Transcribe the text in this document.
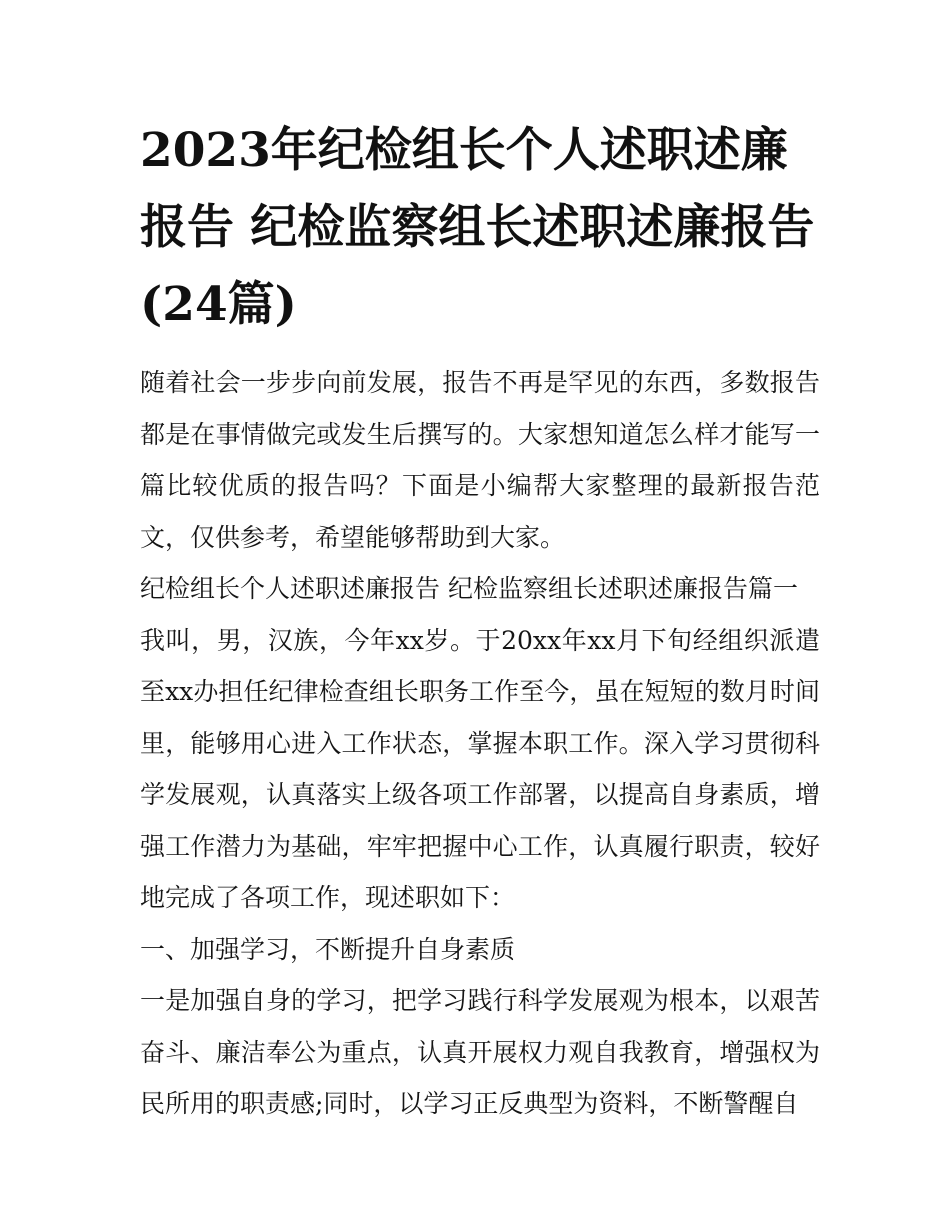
2023年纪检组长个人述职述廉报告 纪检监察组长述职述廉报告(24篇)

随着社会一步步向前发展，报告不再是罕见的东西，多数报告都是在事情做完或发生后撰写的。大家想知道怎么样才能写一篇比较优质的报告吗？下面是小编帮大家整理的最新报告范文，仅供参考，希望能够帮助到大家。

纪检组长个人述职述廉报告 纪检监察组长述职述廉报告篇一

我叫，男，汉族，今年xx岁。于20xx年xx月下旬经组织派遣至xx办担任纪律检查组长职务工作至今，虽在短短的数月时间里，能够用心进入工作状态，掌握本职工作。深入学习贯彻科学发展观，认真落实上级各项工作部署，以提高自身素质，增强工作潜力为基础，牢牢把握中心工作，认真履行职责，较好地完成了各项工作，现述职如下：

一、加强学习，不断提升自身素质

一是加强自身的学习，把学习践行科学发展观为根本，以艰苦奋斗、廉洁奉公为重点，认真开展权力观自我教育，增强权为民所用的职责感;同时，以学习正反典型为资料，不断警醒自
